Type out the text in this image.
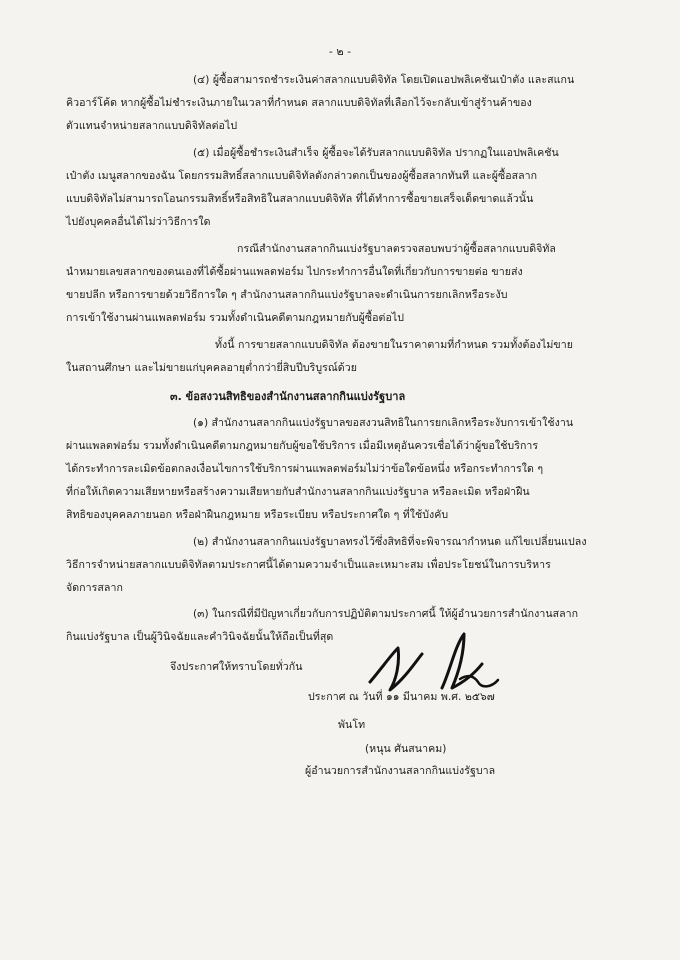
- ๒ -
(๔) ผู้ซื้อสามารถชำระเงินค่าสลากแบบดิจิทัล โดยเปิดแอปพลิเคชันเป๋าตัง และสแกน
คิวอาร์โค้ด หากผู้ซื้อไม่ชำระเงินภายในเวลาที่กำหนด สลากแบบดิจิทัลที่เลือกไว้จะกลับเข้าสู่ร้านค้าของ
ตัวแทนจำหน่ายสลากแบบดิจิทัลต่อไป
(๕) เมื่อผู้ซื้อชำระเงินสำเร็จ ผู้ซื้อจะได้รับสลากแบบดิจิทัล ปรากฏในแอปพลิเคชัน
เป๋าตัง เมนูสลากของฉัน โดยกรรมสิทธิ์สลากแบบดิจิทัลดังกล่าวตกเป็นของผู้ซื้อสลากทันที และผู้ซื้อสลาก
แบบดิจิทัลไม่สามารถโอนกรรมสิทธิ์หรือสิทธิในสลากแบบดิจิทัล ที่ได้ทำการซื้อขายเสร็จเด็ดขาดแล้วนั้น
ไปยังบุคคลอื่นได้ไม่ว่าวิธีการใด
กรณีสำนักงานสลากกินแบ่งรัฐบาลตรวจสอบพบว่าผู้ซื้อสลากแบบดิจิทัล
นำหมายเลขสลากของตนเองที่ได้ซื้อผ่านแพลตฟอร์ม ไปกระทำการอื่นใดที่เกี่ยวกับการขายต่อ ขายส่ง
ขายปลีก หรือการขายด้วยวิธีการใด ๆ สำนักงานสลากกินแบ่งรัฐบาลจะดำเนินการยกเลิกหรือระงับ
การเข้าใช้งานผ่านแพลตฟอร์ม รวมทั้งดำเนินคดีตามกฎหมายกับผู้ซื้อต่อไป
ทั้งนี้ การขายสลากแบบดิจิทัล ต้องขายในราคาตามที่กำหนด รวมทั้งต้องไม่ขาย
ในสถานศึกษา และไม่ขายแก่บุคคลอายุต่ำกว่ายี่สิบปีบริบูรณ์ด้วย
๓. ข้อสงวนสิทธิของสำนักงานสลากกินแบ่งรัฐบาล
(๑) สำนักงานสลากกินแบ่งรัฐบาลขอสงวนสิทธิในการยกเลิกหรือระงับการเข้าใช้งาน
ผ่านแพลตฟอร์ม รวมทั้งดำเนินคดีตามกฎหมายกับผู้ขอใช้บริการ เมื่อมีเหตุอันควรเชื่อได้ว่าผู้ขอใช้บริการ
ได้กระทำการละเมิดข้อตกลงเงื่อนไขการใช้บริการผ่านแพลตฟอร์มไม่ว่าข้อใดข้อหนึ่ง หรือกระทำการใด ๆ
ที่ก่อให้เกิดความเสียหายหรือสร้างความเสียหายกับสำนักงานสลากกินแบ่งรัฐบาล หรือละเมิด หรือฝ่าฝืน
สิทธิของบุคคลภายนอก หรือฝ่าฝืนกฎหมาย หรือระเบียบ หรือประกาศใด ๆ ที่ใช้บังคับ
(๒) สำนักงานสลากกินแบ่งรัฐบาลทรงไว้ซึ่งสิทธิที่จะพิจารณากำหนด แก้ไขเปลี่ยนแปลง
วิธีการจำหน่ายสลากแบบดิจิทัลตามประกาศนี้ได้ตามความจำเป็นและเหมาะสม เพื่อประโยชน์ในการบริหาร
จัดการสลาก
(๓) ในกรณีที่มีปัญหาเกี่ยวกับการปฏิบัติตามประกาศนี้ ให้ผู้อำนวยการสำนักงานสลาก
กินแบ่งรัฐบาล เป็นผู้วินิจฉัยและคำวินิจฉัยนั้นให้ถือเป็นที่สุด
จึงประกาศให้ทราบโดยทั่วกัน
ประกาศ ณ วันที่ ๑๑ มีนาคม พ.ศ. ๒๕๖๗
พันโท
(หนุน ศันสนาคม)
ผู้อำนวยการสำนักงานสลากกินแบ่งรัฐบาล
